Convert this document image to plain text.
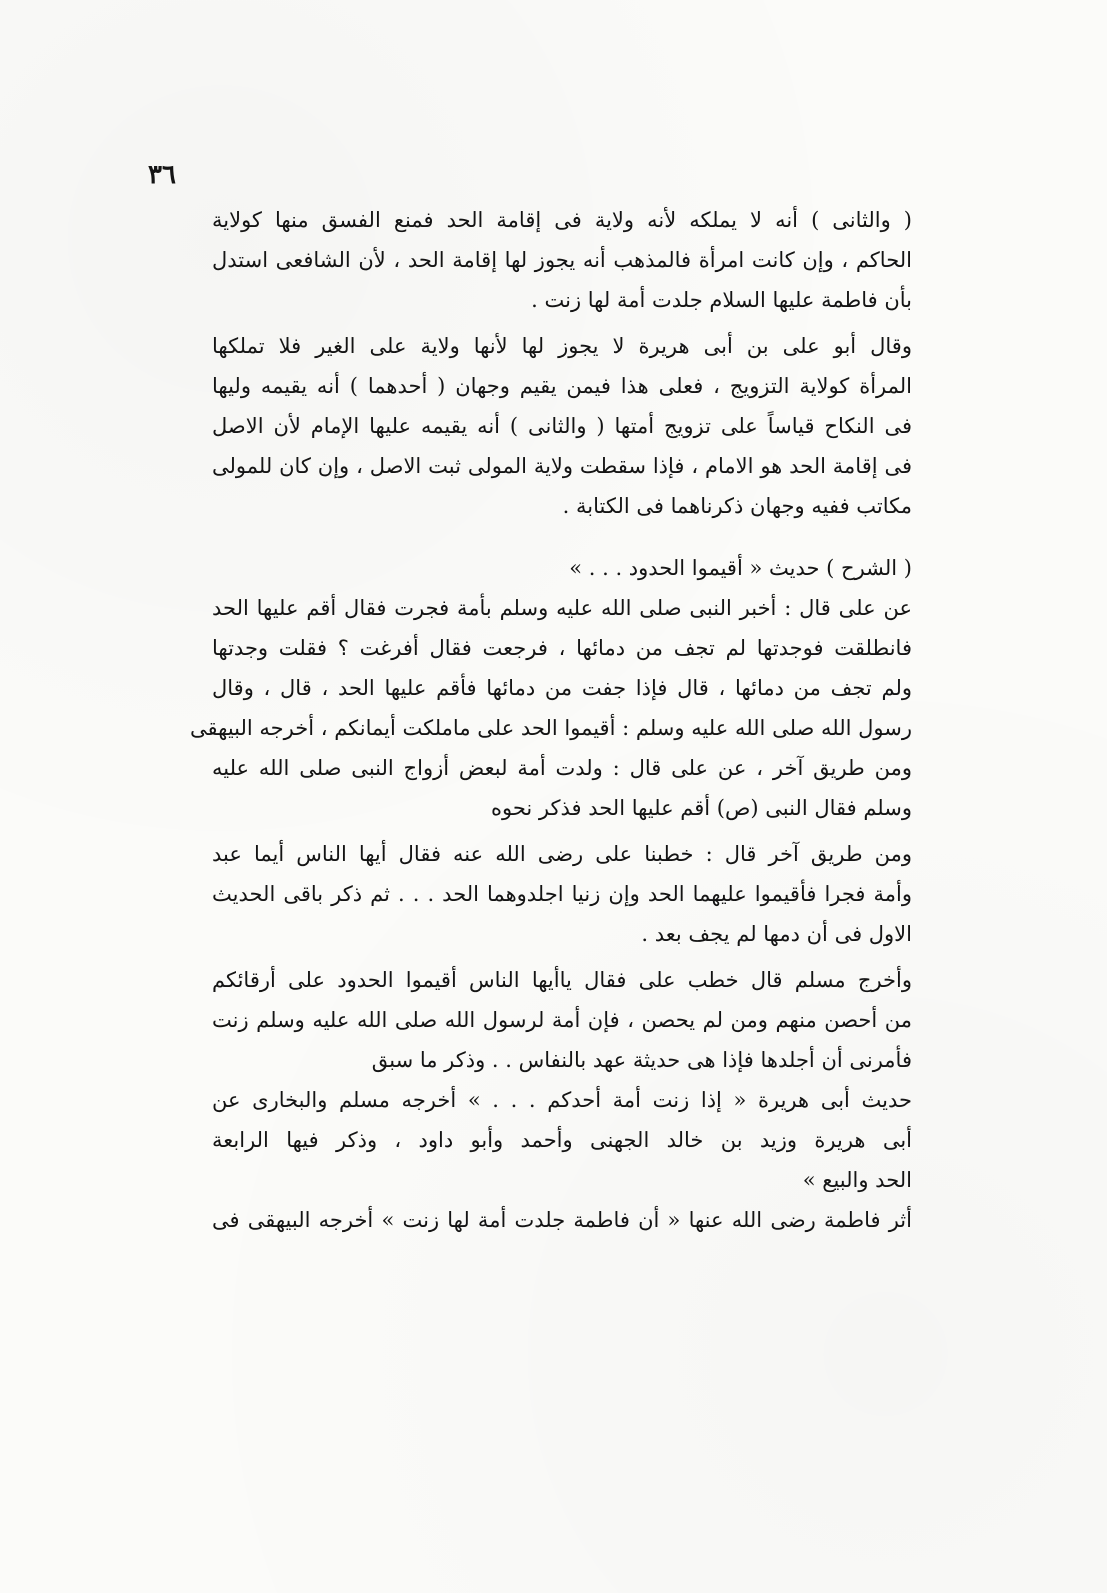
٣٦

( والثانى ) أنه لا يملكه لأنه ولاية فى إقامة الحد فمنع الفسق منها كولاية
الحاكم ، وإن كانت امرأة فالمذهب أنه يجوز لها إقامة الحد ، لأن الشافعى استدل
بأن فاطمة عليها السلام جلدت أمة لها زنت .

وقال أبو على بن أبى هريرة لا يجوز لها لأنها ولاية على الغير فلا تملكها
المرأة كولاية التزويج ، فعلى هذا فيمن يقيم وجهان ( أحدهما ) أنه يقيمه وليها
فى النكاح قياساً على تزويج أمتها ( والثانى ) أنه يقيمه عليها الإمام لأن الاصل
فى إقامة الحد هو الامام ، فإذا سقطت ولاية المولى ثبت الاصل ، وإن كان للمولى
مكاتب ففيه وجهان ذكرناهما فى الكتابة .

( الشرح ) حديث « أقيموا الحدود . . . »

عن على قال : أخبر النبى صلى الله عليه وسلم بأمة فجرت فقال أقم عليها الحد
فانطلقت فوجدتها لم تجف من دمائها ، فرجعت فقال أفرغت ؟ فقلت وجدتها
ولم تجف من دمائها ، قال فإذا جفت من دمائها فأقم عليها الحد ، قال ، وقال
رسول الله صلى الله عليه وسلم : أقيموا الحد على ماملكت أيمانكم ، أخرجه البيهقى

ومن طريق آخر ، عن على قال : ولدت أمة لبعض أزواج النبى صلى الله عليه
وسلم فقال النبى (ص) أقم عليها الحد فذكر نحوه

ومن طريق آخر قال : خطبنا على رضى الله عنه فقال أيها الناس أيما عبد
وأمة فجرا فأقيموا عليهما الحد وإن زنيا اجلدوهما الحد . . . ثم ذكر باقى الحديث
الاول فى أن دمها لم يجف بعد .

وأخرج مسلم قال خطب على فقال ياأيها الناس أقيموا الحدود على أرقائكم
من أحصن منهم ومن لم يحصن ، فإن أمة لرسول الله صلى الله عليه وسلم زنت
فأمرنى أن أجلدها فإذا هى حديثة عهد بالنفاس . . وذكر ما سبق

حديث أبى هريرة « إذا زنت أمة أحدكم . . . » أخرجه مسلم والبخارى عن
أبى هريرة وزيد بن خالد الجهنى وأحمد وأبو داود ، وذكر فيها الرابعة
الحد والبيع »

أثر فاطمة رضى الله عنها « أن فاطمة جلدت أمة لها زنت » أخرجه البيهقى فى
